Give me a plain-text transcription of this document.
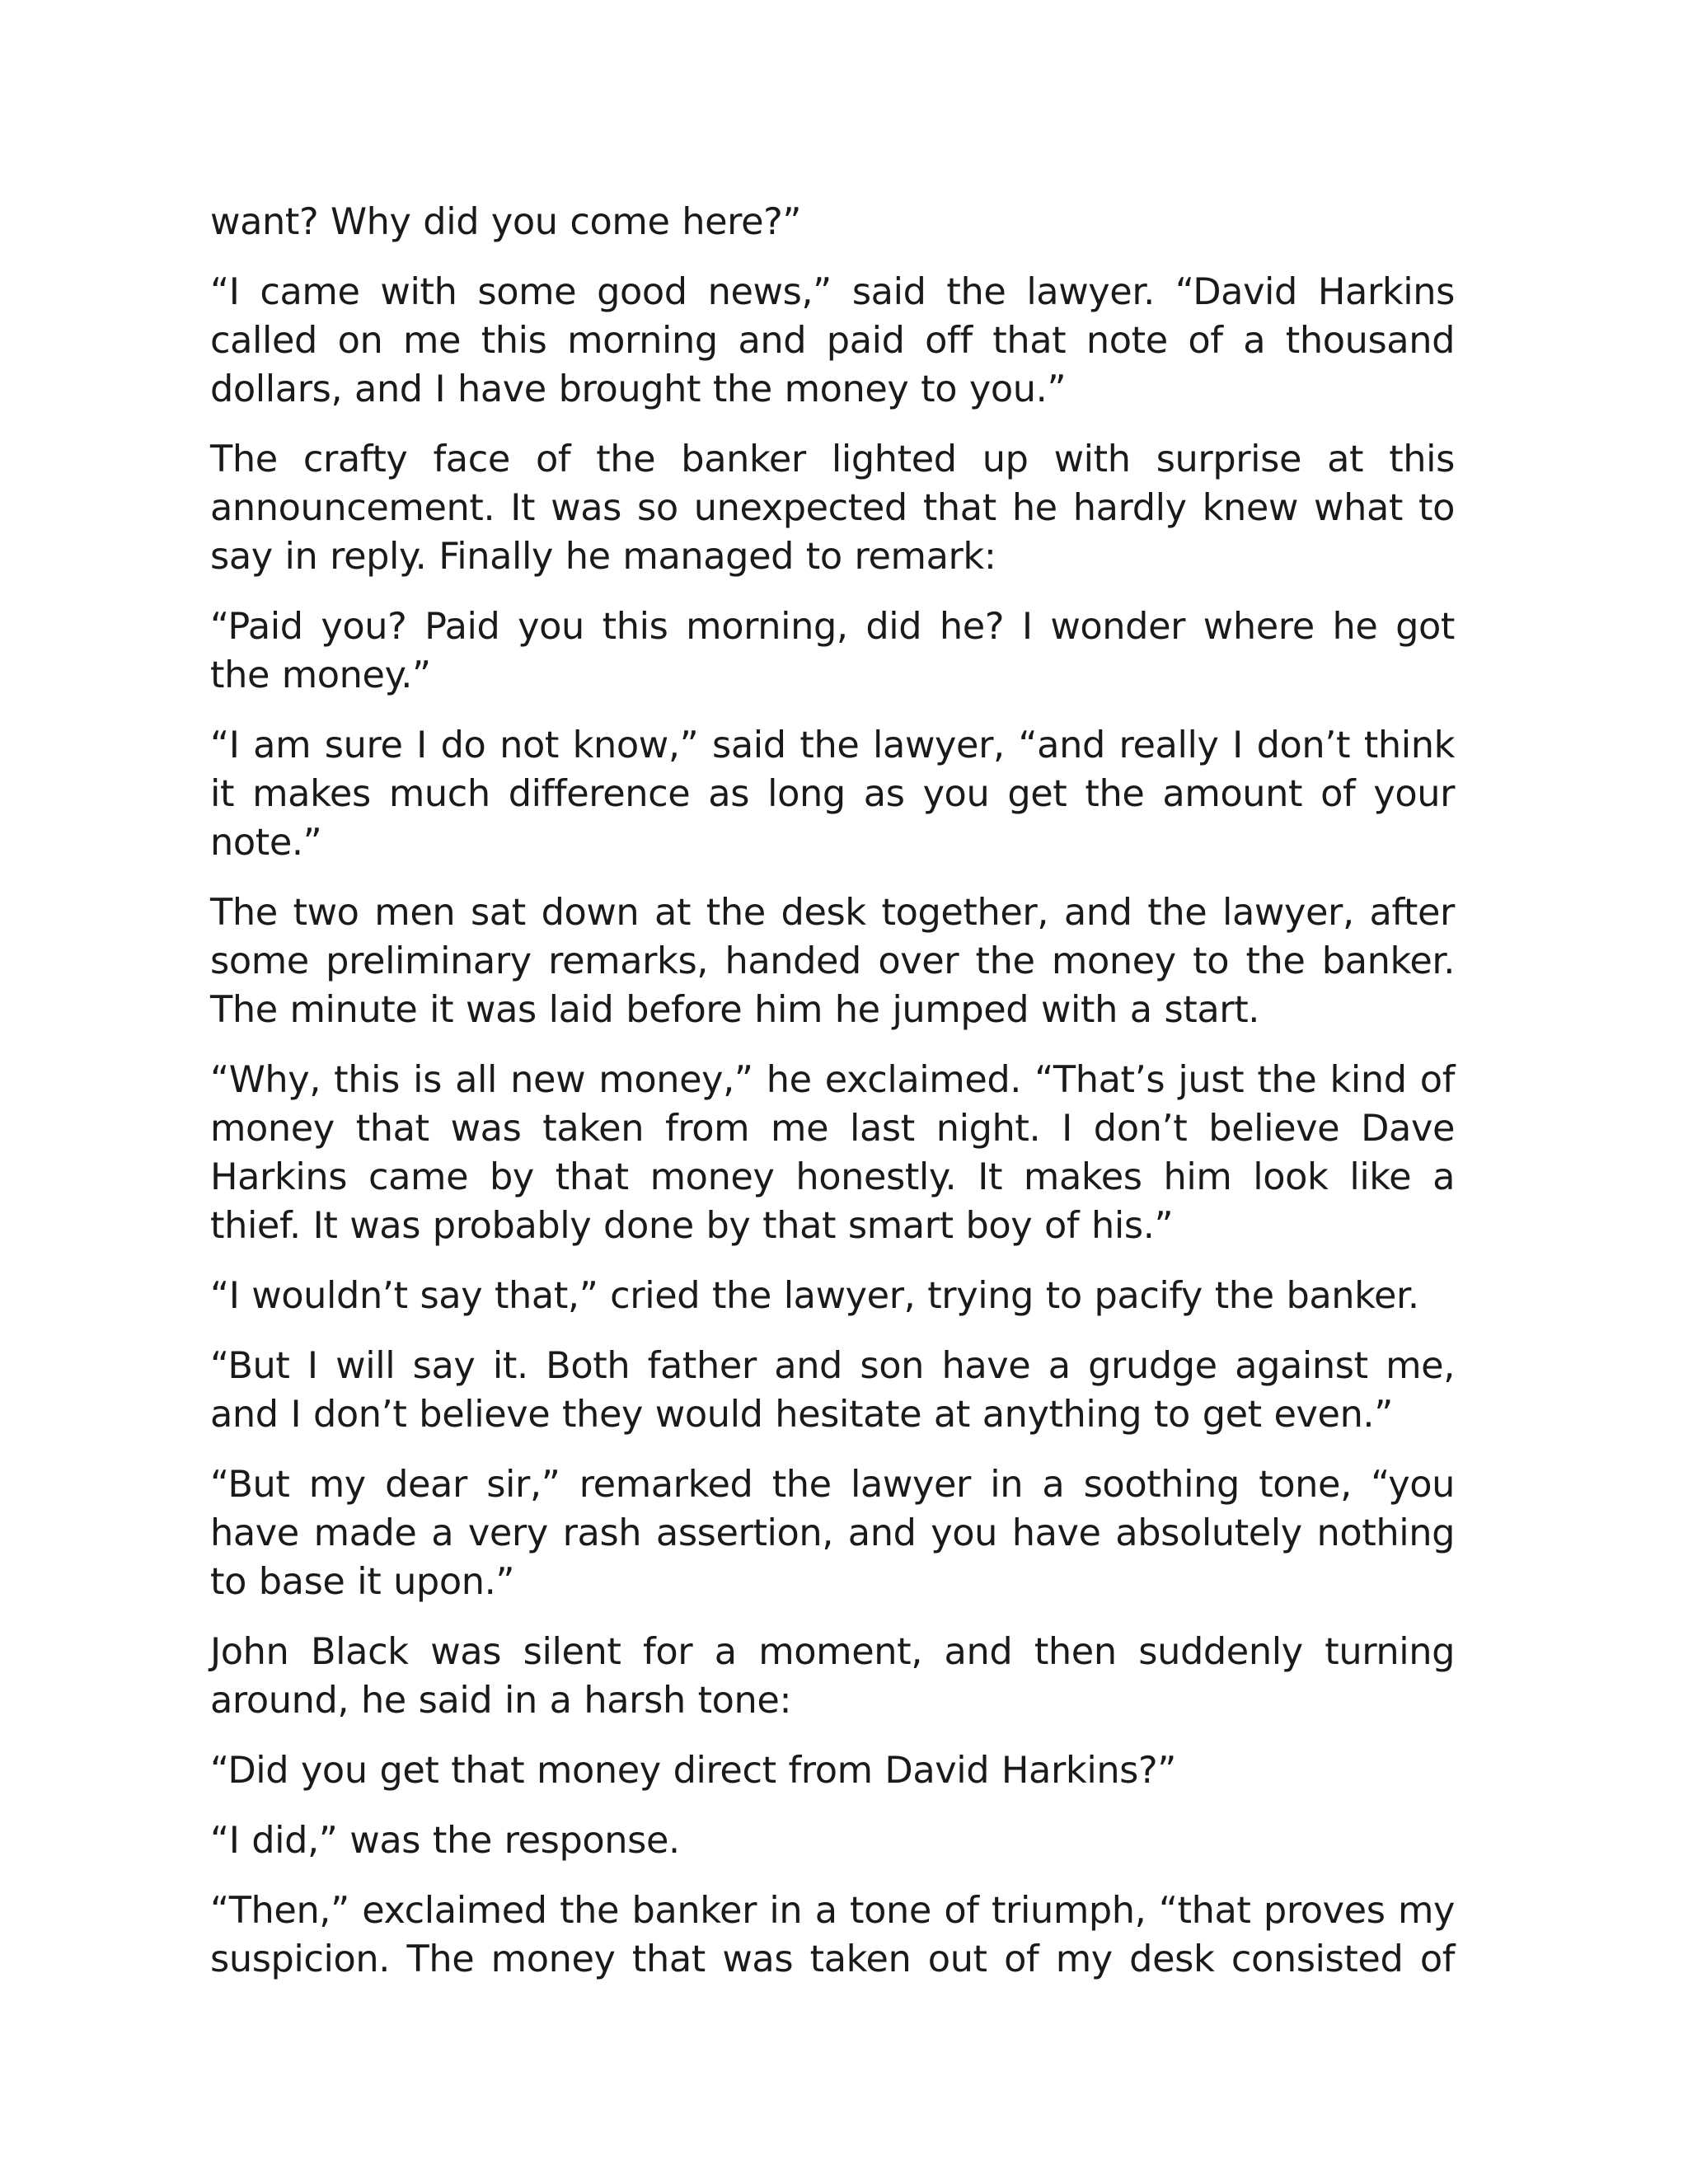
want? Why did you come here?”

“I came with some good news,” said the lawyer. “David Harkins called on me this morning and paid off that note of a thousand dollars, and I have brought the money to you.”

The crafty face of the banker lighted up with surprise at this announcement. It was so unexpected that he hardly knew what to say in reply. Finally he managed to remark:

“Paid you? Paid you this morning, did he? I wonder where he got the money.”

“I am sure I do not know,” said the lawyer, “and really I don’t think it makes much difference as long as you get the amount of your note.”

The two men sat down at the desk together, and the lawyer, after some preliminary remarks, handed over the money to the banker. The minute it was laid before him he jumped with a start.

“Why, this is all new money,” he exclaimed. “That’s just the kind of money that was taken from me last night. I don’t believe Dave Harkins came by that money honestly. It makes him look like a thief. It was probably done by that smart boy of his.”

“I wouldn’t say that,” cried the lawyer, trying to pacify the banker.

“But I will say it. Both father and son have a grudge against me, and I don’t believe they would hesitate at anything to get even.”

“But my dear sir,” remarked the lawyer in a soothing tone, “you have made a very rash assertion, and you have absolutely nothing to base it upon.”

John Black was silent for a moment, and then suddenly turning around, he said in a harsh tone:

“Did you get that money direct from David Harkins?”

“I did,” was the response.

“Then,” exclaimed the banker in a tone of triumph, “that proves my suspicion. The money that was taken out of my desk consisted of
